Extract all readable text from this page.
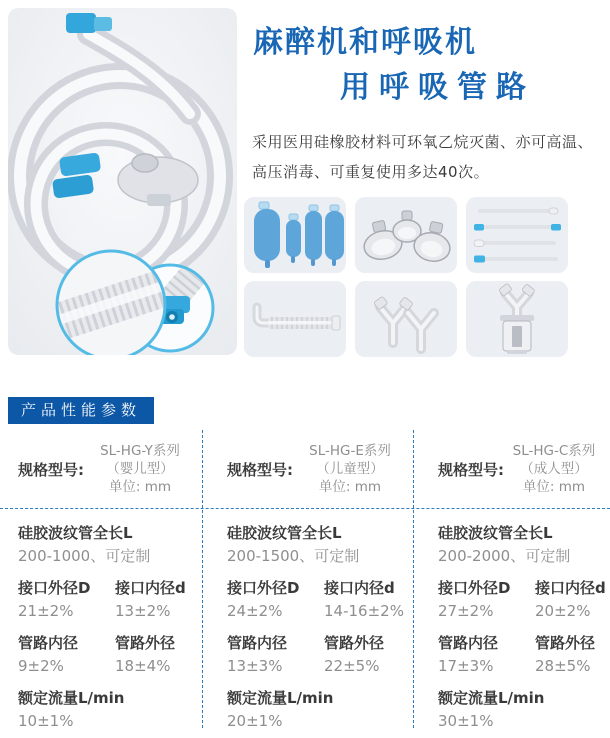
麻醉机和呼吸机
用呼吸管路
采用医用硅橡胶材料可环氧乙烷灭菌、亦可高温、高压消毒、可重复使用多达40次。
产品性能参数
规格型号:
SL-HG-Y系列
（婴儿型）
单位: mm
硅胶波纹管全长L
200-1000、可定制
接口外径D
21±2%
接口内径d
13±2%
管路内径
9±2%
管路外径
18±4%
额定流量L/min
10±1%
规格型号:
SL-HG-E系列
（儿童型）
单位: mm
硅胶波纹管全长L
200-1500、可定制
接口外径D
24±2%
接口内径d
14-16±2%
管路内径
13±3%
管路外径
22±5%
额定流量L/min
20±1%
规格型号:
SL-HG-C系列
（成人型）
单位: mm
硅胶波纹管全长L
200-2000、可定制
接口外径D
27±2%
接口内径d
20±2%
管路内径
17±3%
管路外径
28±5%
额定流量L/min
30±1%
